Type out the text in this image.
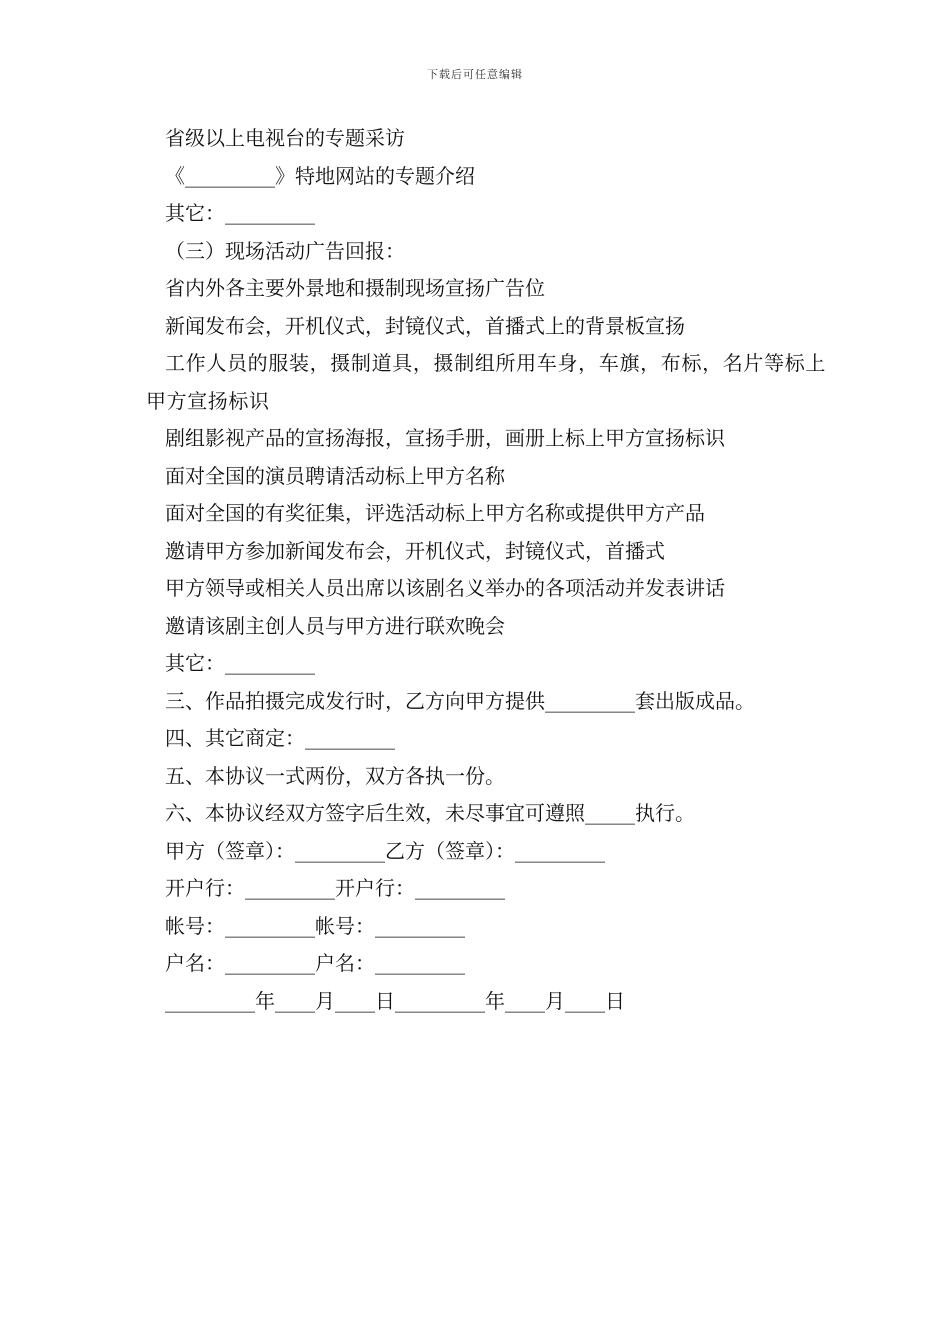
下载后可任意编辑
省级以上电视台的专题采访
《_________》特地网站的专题介绍
其它：_________
（三）现场活动广告回报：
省内外各主要外景地和摄制现场宣扬广告位
新闻发布会，开机仪式，封镜仪式，首播式上的背景板宣扬
工作人员的服装，摄制道具，摄制组所用车身，车旗，布标，名片等标上甲方宣扬标识
剧组影视产品的宣扬海报，宣扬手册，画册上标上甲方宣扬标识
面对全国的演员聘请活动标上甲方名称
面对全国的有奖征集，评选活动标上甲方名称或提供甲方产品
邀请甲方参加新闻发布会，开机仪式，封镜仪式，首播式
甲方领导或相关人员出席以该剧名义举办的各项活动并发表讲话
邀请该剧主创人员与甲方进行联欢晚会
其它：_________
三、作品拍摄完成发行时，乙方向甲方提供_________套出版成品。
四、其它商定：_________
五、本协议一式两份，双方各执一份。
六、本协议经双方签字后生效，未尽事宜可遵照_____执行。
甲方（签章）：_________乙方（签章）：_________
开户行：_________开户行：_________
帐号：_________帐号：_________
户名：_________户名：_________
_________年____月____日_________年____月____日
